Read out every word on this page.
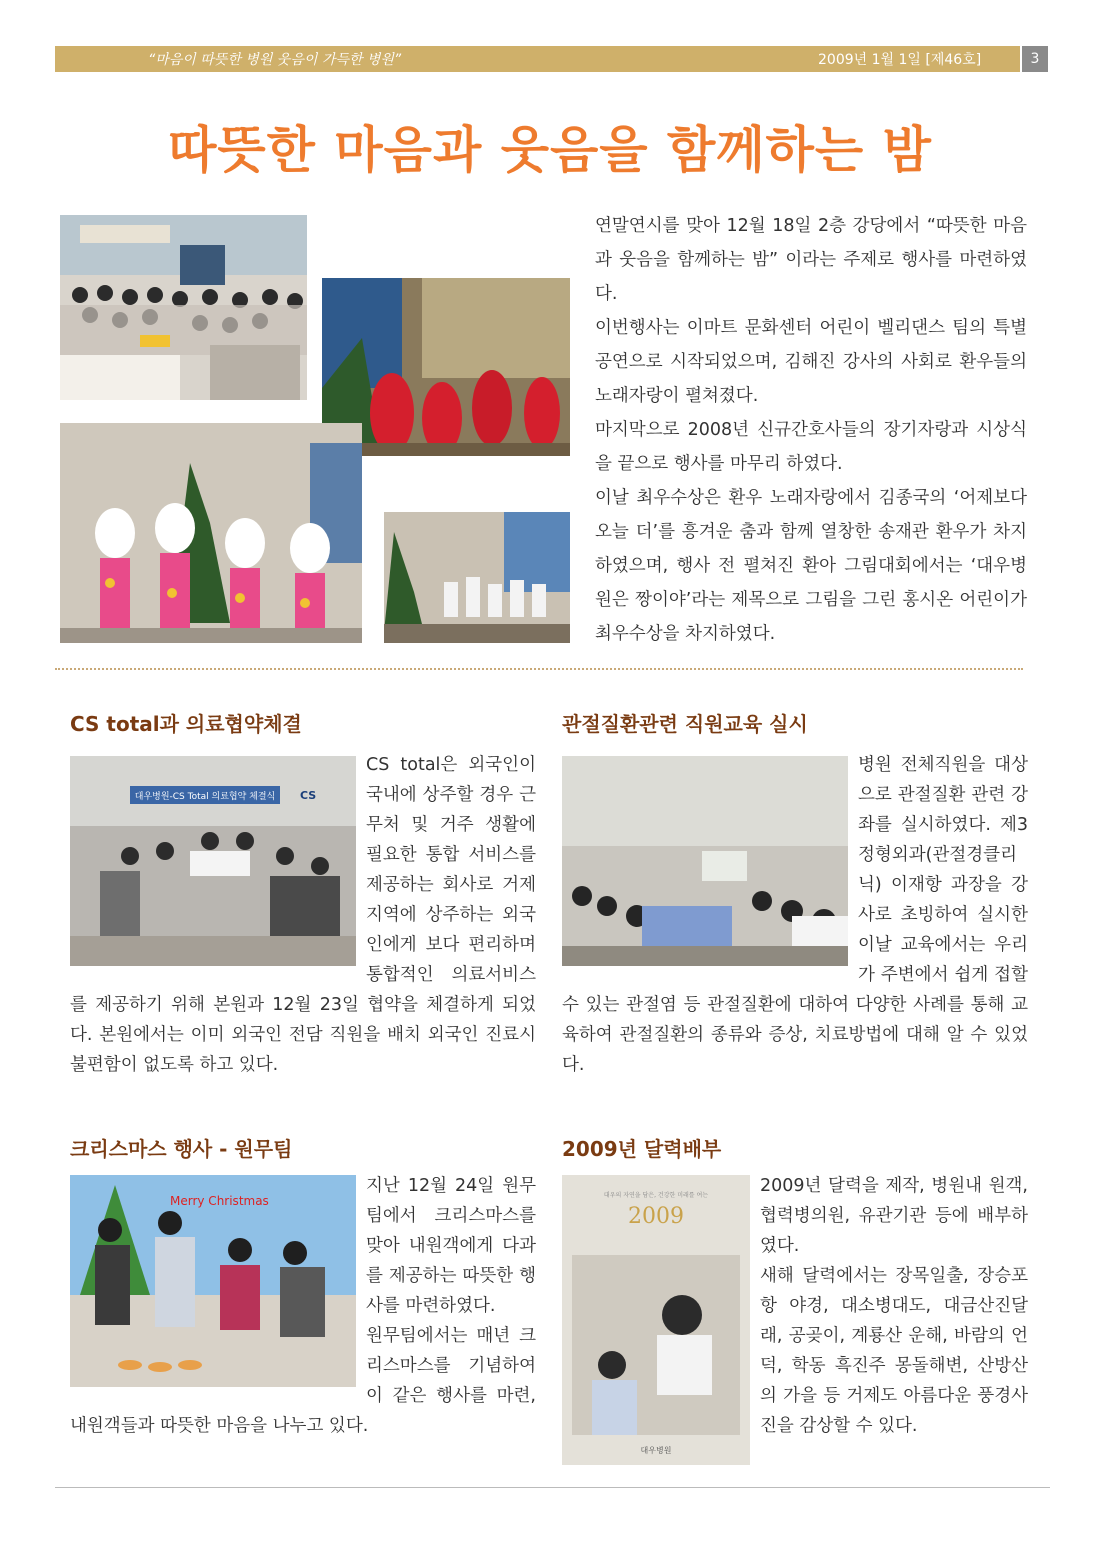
“마음이 따뜻한 병원 웃음이 가득한 병원”	2009년 1월 1일 [제46호]	3
따뜻한 마음과 웃음을 함께하는 밤

연말연시를 맞아 12월 18일 2층 강당에서 “따뜻한 마음과 웃음을 함께하는 밤” 이라는 주제로 행사를 마련하였다.

이번행사는 이마트 문화센터 어린이 벨리댄스 팀의 특별공연으로 시작되었으며, 김해진 강사의 사회로 환우들의 노래자랑이 펼쳐졌다.

마지막으로 2008년 신규간호사들의 장기자랑과 시상식을 끝으로 행사를 마무리 하였다.

이날 최우수상은 환우 노래자랑에서 김종국의 ‘어제보다 오늘 더’를 흥겨운 춤과 함께 열창한 송재관 환우가 차지하였으며, 행사 전 펼쳐진 환아 그림대회에서는 ‘대우병원은 짱이야’라는 제목으로 그림을 그린 홍시온 어린이가 최우수상을 차지하였다.

CS total과 의료협약체결
대우병원-CS Total 의료협약 체결식 CS

CS total은 외국인이 국내에 상주할 경우 근무처 및 거주 생활에 필요한 통합 서비스를 제공하는 회사로 거제지역에 상주하는 외국인에게 보다 편리하며 통합적인 의료서비스를 제공하기 위해 본원과 12월 23일 협약을 체결하게 되었다. 본원에서는 이미 외국인 전담 직원을 배치 외국인 진료시 불편함이 없도록 하고 있다.

관절질환관련 직원교육 실시

병원 전체직원을 대상으로 관절질환 관련 강좌를 실시하였다. 제3정형외과(관절경클리닉) 이재항 과장을 강사로 초빙하여 실시한 이날 교육에서는 우리가 주변에서 쉽게 접할 수 있는 관절염 등 관절질환에 대하여 다양한 사례를 통해 교육하여 관절질환의 종류와 증상, 치료방법에 대해 알 수 있었다.

크리스마스 행사 - 원무팀
Merry Christmas

지난 12월 24일 원무팀에서 크리스마스를 맞아 내원객에게 다과를 제공하는 따뜻한 행사를 마련하였다.

원무팀에서는 매년 크리스마스를 기념하여 이 같은 행사를 마련, 내원객들과 따뜻한 마음을 나누고 있다.

2009년 달력배부
대우의 자연을 담은, 건강한 미래를 여는
2009
대우병원

2009년 달력을 제작, 병원내 원객, 협력병의원, 유관기관 등에 배부하였다.

새해 달력에서는 장목일출, 장승포항 야경, 대소병대도, 대금산진달래, 공곶이, 계룡산 운해, 바람의 언덕, 학동 흑진주 몽돌해변, 산방산의 가을 등 거제도 아름다운 풍경사진을 감상할 수 있다.
